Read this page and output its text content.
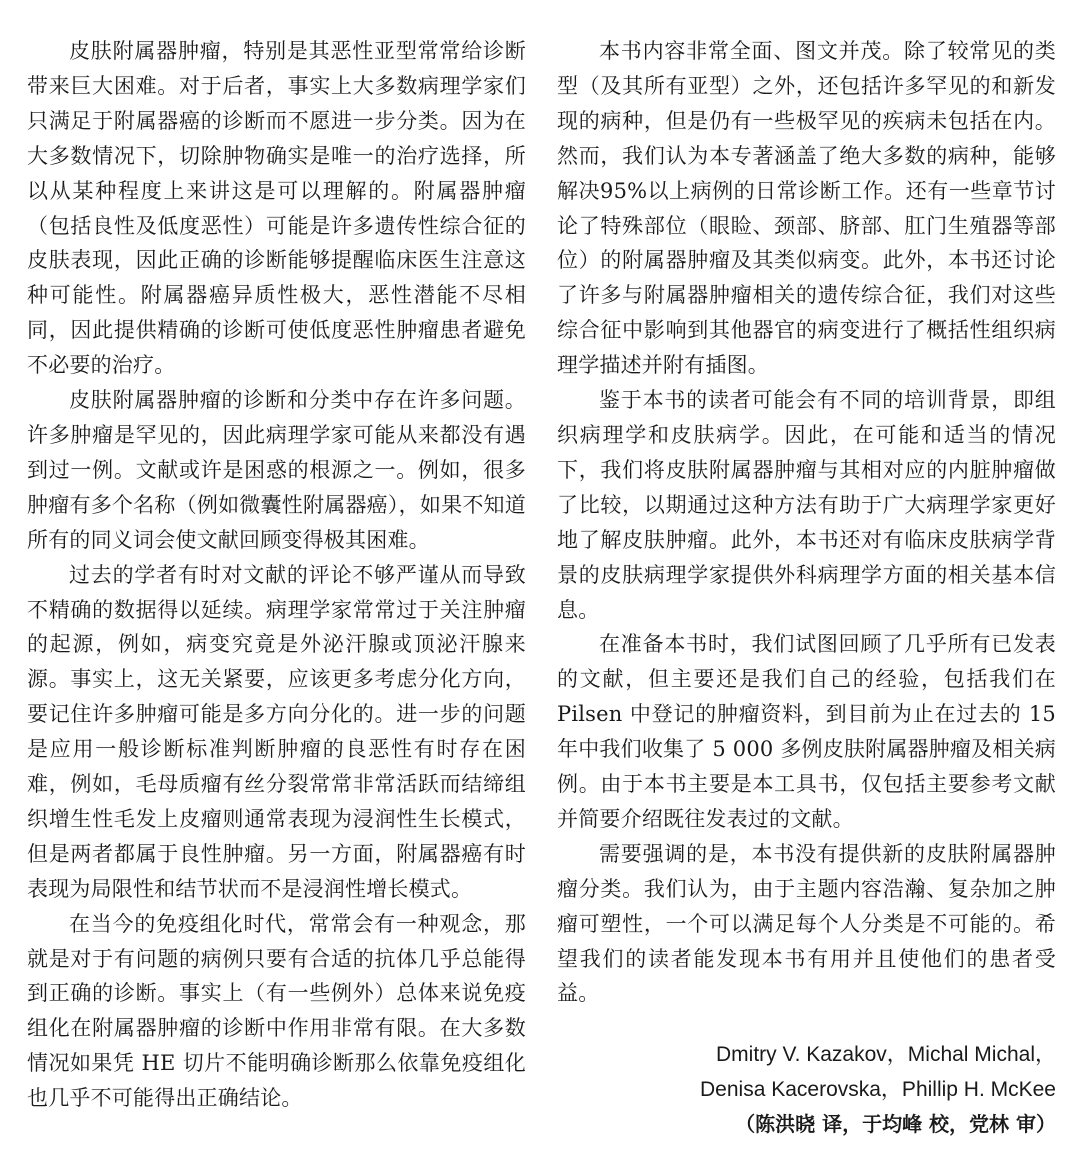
皮肤附属器肿瘤，特别是其恶性亚型常常给诊断带来巨大困难。对于后者，事实上大多数病理学家们只满足于附属器癌的诊断而不愿进一步分类。因为在大多数情况下，切除肿物确实是唯一的治疗选择，所以从某种程度上来讲这是可以理解的。附属器肿瘤（包括良性及低度恶性）可能是许多遗传性综合征的皮肤表现，因此正确的诊断能够提醒临床医生注意这种可能性。附属器癌异质性极大，恶性潜能不尽相同，因此提供精确的诊断可使低度恶性肿瘤患者避免不必要的治疗。

皮肤附属器肿瘤的诊断和分类中存在许多问题。许多肿瘤是罕见的，因此病理学家可能从来都没有遇到过一例。文献或许是困惑的根源之一。例如，很多肿瘤有多个名称（例如微囊性附属器癌），如果不知道所有的同义词会使文献回顾变得极其困难。

过去的学者有时对文献的评论不够严谨从而导致不精确的数据得以延续。病理学家常常过于关注肿瘤的起源，例如，病变究竟是外泌汗腺或顶泌汗腺来源。事实上，这无关紧要，应该更多考虑分化方向，要记住许多肿瘤可能是多方向分化的。进一步的问题是应用一般诊断标准判断肿瘤的良恶性有时存在困难，例如，毛母质瘤有丝分裂常常非常活跃而结缔组织增生性毛发上皮瘤则通常表现为浸润性生长模式，但是两者都属于良性肿瘤。另一方面，附属器癌有时表现为局限性和结节状而不是浸润性增长模式。

在当今的免疫组化时代，常常会有一种观念，那就是对于有问题的病例只要有合适的抗体几乎总能得到正确的诊断。事实上（有一些例外）总体来说免疫组化在附属器肿瘤的诊断中作用非常有限。在大多数情况如果凭 HE 切片不能明确诊断那么依靠免疫组化也几乎不可能得出正确结论。

本书内容非常全面、图文并茂。除了较常见的类型（及其所有亚型）之外，还包括许多罕见的和新发现的病种，但是仍有一些极罕见的疾病未包括在内。然而，我们认为本专著涵盖了绝大多数的病种，能够解决95%以上病例的日常诊断工作。还有一些章节讨论了特殊部位（眼睑、颈部、脐部、肛门生殖器等部位）的附属器肿瘤及其类似病变。此外，本书还讨论了许多与附属器肿瘤相关的遗传综合征，我们对这些综合征中影响到其他器官的病变进行了概括性组织病理学描述并附有插图。

鉴于本书的读者可能会有不同的培训背景，即组织病理学和皮肤病学。因此，在可能和适当的情况下，我们将皮肤附属器肿瘤与其相对应的内脏肿瘤做了比较，以期通过这种方法有助于广大病理学家更好地了解皮肤肿瘤。此外，本书还对有临床皮肤病学背景的皮肤病理学家提供外科病理学方面的相关基本信息。

在准备本书时，我们试图回顾了几乎所有已发表的文献，但主要还是我们自己的经验，包括我们在 Pilsen 中登记的肿瘤资料，到目前为止在过去的 15 年中我们收集了 5 000 多例皮肤附属器肿瘤及相关病例。由于本书主要是本工具书，仅包括主要参考文献并简要介绍既往发表过的文献。

需要强调的是，本书没有提供新的皮肤附属器肿瘤分类。我们认为，由于主题内容浩瀚、复杂加之肿瘤可塑性，一个可以满足每个人分类是不可能的。希望我们的读者能发现本书有用并且使他们的患者受益。

Dmitry V. Kazakov，Michal Michal，
Denisa Kacerovska，Phillip H. McKee
（陈洪晓 译，于均峰 校，党林 审）
